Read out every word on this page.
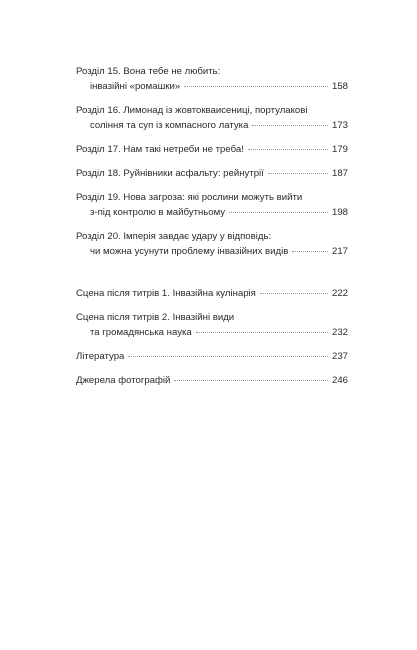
Розділ 15. Вона тебе не любить:
інвазійні «ромашки»	158
Розділ 16. Лимонад із жовтокваисениці, портулакові
соління та суп із компасного латука	173
Розділ 17. Нам такі нетреби не треба!	179
Розділ 18. Руйнівники асфальту: рейнутрії	187
Розділ 19. Нова загроза: які рослини можуть вийти
з-під контролю в майбутньому	198
Розділ 20. Імперія завдає удару у відповідь:
чи можна усунути проблему інвазійних видів	217
Сцена після титрів 1. Інвазійна кулінарія	222
Сцена після титрів 2. Інвазійні види
та громадянська наука	232
Література	237
Джерела фотографій	246
